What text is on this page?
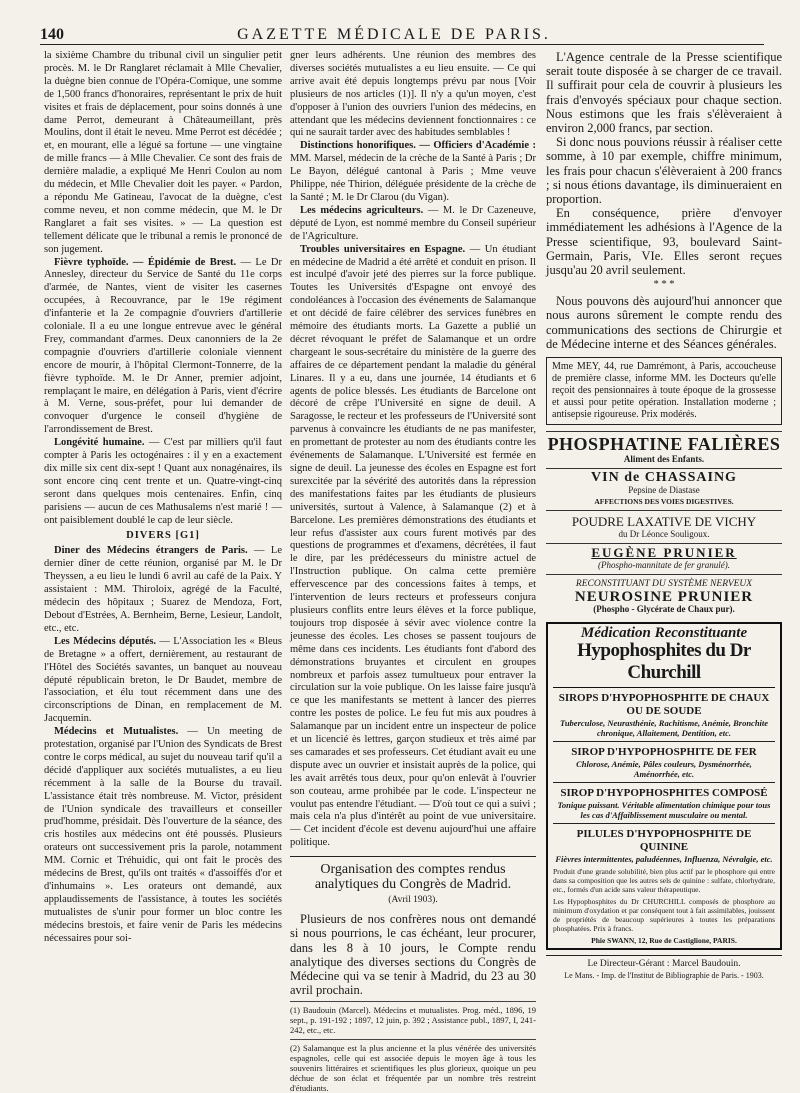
140	GAZETTE MÉDICALE DE PARIS.

la sixième Chambre du tribunal civil un singulier petit procès. M. le Dr Ranglaret réclamait à Mlle Chevalier, la duègne bien connue de l'Opéra-Comique, une somme de 1,500 francs d'honoraires, représentant le prix de huit visites et frais de déplacement, pour soins donnés à une dame Perrot, demeurant à Châteaumeillant, près Moulins, dont il était le neveu. Mme Perrot est décédée ; et, en mourant, elle a légué sa fortune — une vingtaine de mille francs — à Mlle Chevalier. Ce sont des frais de dernière maladie, a expliqué Me Henri Coulon au nom du médecin, et Mlle Chevalier doit les payer. « Pardon, a répondu Me Gatineau, l'avocat de la duègne, c'est comme neveu, et non comme médecin, que M. le Dr Ranglaret a fait ses visites. » — La question est tellement délicate que le tribunal a remis le prononcé de son jugement.

Fièvre typhoïde. — Épidémie de Brest. — Le Dr Annesley, directeur du Service de Santé du 11e corps d'armée, de Nantes, vient de visiter les casernes occupées, à Recouvrance, par le 19e régiment d'infanterie et la 2e compagnie d'ouvriers d'artillerie coloniale. Il a eu une longue entrevue avec le général Frey, commandant d'armes. Deux canonniers de la 2e compagnie d'ouvriers d'artillerie coloniale viennent encore de mourir, à l'hôpital Clermont-Tonnerre, de la fièvre typhoïde. M. le Dr Anner, premier adjoint, remplaçant le maire, en délégation à Paris, vient d'écrire à M. Verne, sous-préfet, pour lui demander de convoquer d'urgence le conseil d'hygiène de l'arrondissement de Brest.

Longévité humaine. — C'est par milliers qu'il faut compter à Paris les octogénaires : il y en a exactement dix mille six cent dix-sept ! Quant aux nonagénaires, ils sont encore cinq cent trente et un. Quatre-vingt-cinq seront dans quelques mois centenaires. Enfin, cinq parisiens — aucun de ces Mathusalems n'est marié ! — ont paisiblement doublé le cap de leur siècle.

DIVERS [G1]

Diner des Médecins étrangers de Paris. — Le dernier dîner de cette réunion, organisé par M. le Dr Theyssen, a eu lieu le lundi 6 avril au café de la Paix. Y assistaient : MM. Thiroloix, agrégé de la Faculté, médecin des hôpitaux ; Suarez de Mendoza, Fort, Debout d'Estrées, A. Bernheim, Berne, Lesieur, Landolt, etc., etc.

Les Médecins députés. — L'Association les « Bleus de Bretagne » a offert, dernièrement, au restaurant de l'Hôtel des Sociétés savantes, un banquet au nouveau député républicain breton, le Dr Baudet, membre de l'association, et élu tout récemment dans une des circonscriptions de Dinan, en remplacement de M. Jacquemin.

Médecins et Mutualistes. — Un meeting de protestation, organisé par l'Union des Syndicats de Brest contre le corps médical, au sujet du nouveau tarif qu'il a décidé d'appliquer aux sociétés mutualistes, a eu lieu récemment à la salle de la Bourse du travail. L'assistance était très nombreuse. M. Victor, président de l'Union syndicale des travailleurs et conseiller prud'homme, présidait. Dès l'ouverture de la séance, des cris hostiles aux médecins ont été poussés. Plusieurs orateurs ont successivement pris la parole, notamment MM. Cornic et Tréhuidic, qui ont fait le procès des médecins de Brest, qu'ils ont traités « d'assoiffés d'or et d'inhumains ». Les orateurs ont demandé, aux applaudissements de l'assistance, à toutes les sociétés mutualistes de s'unir pour former un bloc contre les médecins brestois, et faire venir de Paris les médecins nécessaires pour soi-

gner leurs adhérents. Une réunion des membres des diverses sociétés mutualistes a eu lieu ensuite. — Ce qui arrive avait été depuis longtemps prévu par nous [Voir plusieurs de nos articles (1)]. Il n'y a qu'un moyen, c'est d'opposer à l'union des ouvriers l'union des médecins, en attendant que les médecins deviennent fonctionnaires : ce qui ne saurait tarder avec des habitudes semblables !

Distinctions honorifiques. — Officiers d'Académie : MM. Marsel, médecin de la crèche de la Santé à Paris ; Dr Le Bayon, délégué cantonal à Paris ; Mme veuve Philippe, née Thirion, déléguée présidente de la crèche de la Santé ; M. le Dr Clarou (du Vigan).

Les médecins agriculteurs. — M. le Dr Cazeneuve, député de Lyon, est nommé membre du Conseil supérieur de l'Agriculture.

Troubles universitaires en Espagne. — Un étudiant en médecine de Madrid a été arrêté et conduit en prison. Il est inculpé d'avoir jeté des pierres sur la force publique. Toutes les Universités d'Espagne ont envoyé des condoléances à l'occasion des événements de Salamanque et ont décidé de faire célébrer des services funèbres en mémoire des étudiants morts. La Gazette a publié un décret révoquant le préfet de Salamanque et un ordre chargeant le sous-secrétaire du ministère de la guerre des affaires de ce département pendant la maladie du général Linares. Il y a eu, dans une journée, 14 étudiants et 6 agents de police blessés. Les étudiants de Barcelone ont décoré de crêpe l'Université en signe de deuil. A Saragosse, le recteur et les professeurs de l'Université sont parvenus à convaincre les étudiants de ne pas manifester, en promettant de protester au nom des étudiants contre les événements de Salamanque. L'Université est fermée en signe de deuil. La jeunesse des écoles en Espagne est fort surexcitée par la sévérité des autorités dans la répression des manifestations faites par les étudiants de plusieurs universités, surtout à Valence, à Salamanque (2) et à Barcelone. Les premières démonstrations des étudiants et leur refus d'assister aux cours furent motivés par des questions de programmes et d'examens, décrétées, il faut le dire, par les prédécesseurs du ministre actuel de l'Instruction publique. On calma cette première effervescence par des concessions faites à temps, et l'intervention de leurs recteurs et professeurs conjura plusieurs conflits entre leurs élèves et la force publique, toujours trop disposée à sévir avec violence contre la jeunesse des écoles. Les choses se passent toujours de même dans ces incidents. Les étudiants font d'abord des démonstrations bruyantes et circulent en groupes nombreux et parfois assez tumultueux pour entraver la circulation sur la voie publique. On les laisse faire jusqu'à ce que les manifestants se mettent à lancer des pierres contre les postes de police. Le feu fut mis aux poudres à Salamanque par un incident entre un inspecteur de police et un licencié ès lettres, garçon studieux et très aimé par ses camarades et ses professeurs. Cet étudiant avait eu une dispute avec un ouvrier et insistait auprès de la police, qui les avait arrêtés tous deux, pour qu'on enlevât à l'ouvrier son couteau, arme prohibée par le code. L'inspecteur ne voulut pas entendre l'étudiant. — D'où tout ce qui a suivi ; mais cela n'a plus d'intérêt au point de vue universitaire. — Cet incident d'école est devenu aujourd'hui une affaire politique.

Organisation des comptes rendus analytiques du Congrès de Madrid.
(Avril 1903).

Plusieurs de nos confrères nous ont demandé si nous pourrions, le cas échéant, leur procurer, dans les 8 à 10 jours, le Compte rendu analytique des diverses sections du Congrès de Médecine qui va se tenir à Madrid, du 23 au 30 avril prochain.

(1) Baudouin (Marcel). Médecins et mutualistes. Prog. méd., 1896, 19 sept., p. 191-192 ; 1897, 12 juin, p. 392 ; Assistance publ., 1897, I, 241-242, etc., etc.
(2) Salamanque est la plus ancienne et la plus vénérée des universités espagnoles, celle qui est associée depuis le moyen âge à tous les souvenirs littéraires et scientifiques les plus glorieux, quoique un peu déchue de son éclat et fréquentée par un nombre très restreint d'étudiants.

L'Agence centrale de la Presse scientifique serait toute disposée à se charger de ce travail. Il suffirait pour cela de couvrir à plusieurs les frais d'envoyés spéciaux pour chaque section. Nous estimons que les frais s'élèveraient à environ 2,000 francs, par section.

Si donc nous pouvions réussir à réaliser cette somme, à 10 par exemple, chiffre minimum, les frais pour chacun s'élèveraient à 200 francs ; si nous étions davantage, ils diminueraient en proportion.

En conséquence, prière d'envoyer immédiatement les adhésions à l'Agence de la Presse scientifique, 93, boulevard Saint-Germain, Paris, VIe. Elles seront reçues jusqu'au 20 avril seulement.

* * *

Nous pouvons dès aujourd'hui annoncer que nous aurons sûrement le compte rendu des communications des sections de Chirurgie et de Médecine interne et des Séances générales.

Mme MEY, 44, rue Damrémont, à Paris, accoucheuse de première classe, informe MM. les Docteurs qu'elle reçoit des pensionnaires à toute époque de la grossesse et aussi pour petite opération. Installation moderne ; antisepsie rigoureuse. Prix modérés.
PHOSPHATINE FALIÈRES
Aliment des Enfants.
VIN de CHASSAING
Pepsine de Diastase
AFFECTIONS DES VOIES DIGESTIVES.
POUDRE LAXATIVE DE VICHY
du Dr Léonce Souligoux.
EUGÈNE PRUNIER
(Phospho-mannitate de fer granulé).
RECONSTITUANT DU SYSTÈME NERVEUX
NEUROSINE PRUNIER
(Phospho - Glycérate de Chaux pur).
Médication Reconstituante
Hypophosphites du Dr Churchill
SIROPS D'HYPOPHOSPHITE DE CHAUX OU DE SOUDE
Tuberculose, Neurasthénie, Rachitisme, Anémie, Bronchite chronique, Allaitement, Dentition, etc.
SIROP D'HYPOPHOSPHITE DE FER
Chlorose, Anémie, Pâles couleurs, Dysménorrhée, Aménorrhée, etc.
SIROP D'HYPOPHOSPHITES COMPOSÉ
Tonique puissant. Véritable alimentation chimique pour tous les cas d'Affaiblissement musculaire ou mental.
PILULES D'HYPOPHOSPHITE DE QUININE
Fièvres intermittentes, paludéennes, Influenza, Névralgie, etc.
Produit d'une grande solubilité, bien plus actif par le phosphore qui entre dans sa composition que les autres sels de quinine : sulfate, chlorhydrate, etc., formés d'un acide sans valeur thérapeutique.
Les Hypophosphites du Dr CHURCHILL composés de phosphore au minimum d'oxydation et par conséquent tout à fait assimilables, jouissent de propriétés de beaucoup supérieures à toutes les préparations phosphatées. Prix à francs.
Phie SWANN, 12, Rue de Castiglione, PARIS.
Le Directeur-Gérant : Marcel Baudouin.
Le Mans. - Imp. de l'Institut de Bibliographie de Paris. - 1903.
